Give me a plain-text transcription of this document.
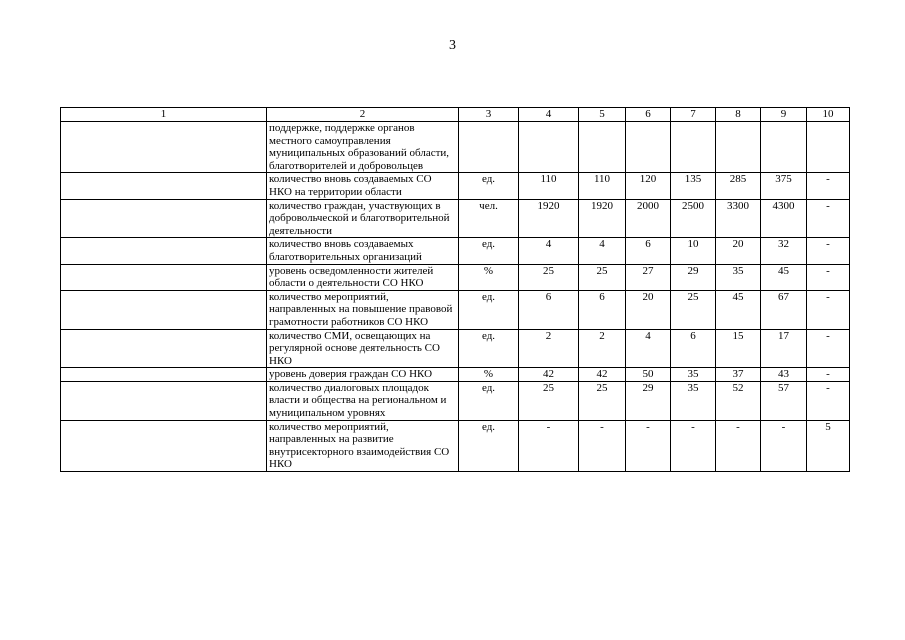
3
1	2	3	4	5	6	7	8	9	10
	поддержке, поддержке органов местного самоуправления муниципальных образований области, благотворителей и добровольцев								
	количество вновь создаваемых СО НКО на территории области	ед.	110	110	120	135	285	375	-
	количество граждан, участвующих в добровольческой и благотворительной деятельности	чел.	1920	1920	2000	2500	3300	4300	-
	количество вновь создаваемых благотворительных организаций	ед.	4	4	6	10	20	32	-
	уровень осведомленности жителей области о деятельности СО НКО	%	25	25	27	29	35	45	-
	количество мероприятий, направленных на повышение правовой грамотности работников СО НКО	ед.	6	6	20	25	45	67	-
	количество СМИ, освещающих на регулярной основе деятельность СО НКО	ед.	2	2	4	6	15	17	-
	уровень доверия граждан СО НКО	%	42	42	50	35	37	43	-
	количество диалоговых площадок власти и общества на региональном и муниципальном уровнях	ед.	25	25	29	35	52	57	-
	количество мероприятий, направленных на развитие внутрисекторного взаимодействия СО НКО	ед.	-	-	-	-	-	-	5
